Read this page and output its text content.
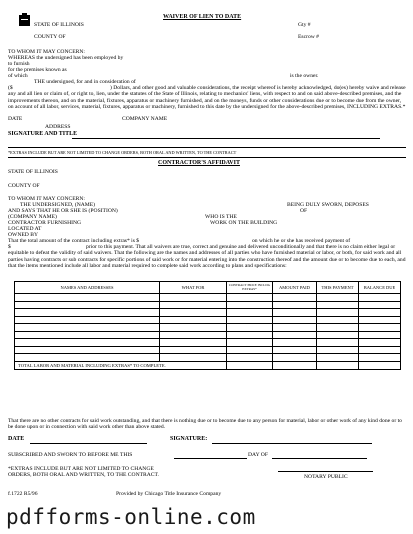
WAIVER OF LIEN TO DATE
STATE OF ILLINOIS	Gty #
COUNTY OF	Escrow #
TO WHOM IT MAY CONCERN:
WHEREAS the undersigned has been employed by
to furnish
for the premises known as
of which	is the owner.
THE undersigned, for and in consideration of
($	) Dollars, and other good and valuable considerations, the receipt whereof is hereby acknowledged, do(es) hereby waive and release any and all lien or claim of, or right to, lien, under the statutes of the State of Illinois, relating to mechanics' liens, with respect to and on said above-described premises, and the improvements thereon, and on the material, fixtures, apparatus or machinery furnished, and on the moneys, funds or other considerations due or to become due from the owner, on account of all labor, services, material, fixtures, apparatus or machinery, furnished to this date by the undersigned for the above-described premises, INCLUDING EXTRAS.*
DATE	COMPANY NAME
ADDRESS
SIGNATURE AND TITLE
*EXTRAS INCLUDE BUT ARE NOT LIMITED TO CHANGE ORDERS, BOTH ORAL AND WRITTEN, TO THE CONTRACT
CONTRACTOR'S AFFIDAVIT
STATE OF ILLINOIS
COUNTY OF
TO WHOM IT MAY CONCERN:
THE UNDERSIGNED, (NAME)	BEING DULY SWORN, DEPOSES
AND SAYS THAT HE OR SHE IS (POSITION)	OF
(COMPANY NAME)	WHO IS THE
CONTRACTOR FURNISHING	WORK ON THE BUILDING
LOCATED AT
OWNED BY
That the total amount of the contract including extras* is $	on which he or she has received payment of
$	prior to this payment. That all waivers are true, correct and genuine and delivered unconditionally and that there is no claim either legal or equitable to defeat the validity of said waivers. That the following are the names and addresses of all parties who have furnished material or labor, or both, for said work and all parties having contracts or sub contracts for specific portions of said work or for material entering into the construction thereof and the amount due or to become due to each, and that the items mentioned include all labor and material required to complete said work according to plans and specifications:
NAMES AND ADDRESSES	WHAT FOR	CONTRACT PRICE INCLDG EXTRAS*	AMOUNT PAID	THIS PAYMENT	BALANCE DUE

TOTAL LABOR AND MATERIAL INCLUDING EXTRAS* TO COMPLETE.					
That there are no other contracts for said work outstanding, and that there is nothing due or to become due to any person for material, labor or other work of any kind done or to be done upon or in connection with said work other than above stated.
DATE	SIGNATURE:
SUBSCRIBED AND SWORN TO BEFORE ME THIS	DAY OF
*EXTRAS INCLUDE BUT ARE NOT LIMITED TO CHANGE ORDERS, BOTH ORAL AND WRITTEN, TO THE CONTRACT.	NOTARY PUBLIC
f.1722 R5/96	Provided by Chicago Title Insurance Company
pdfforms-online.com
